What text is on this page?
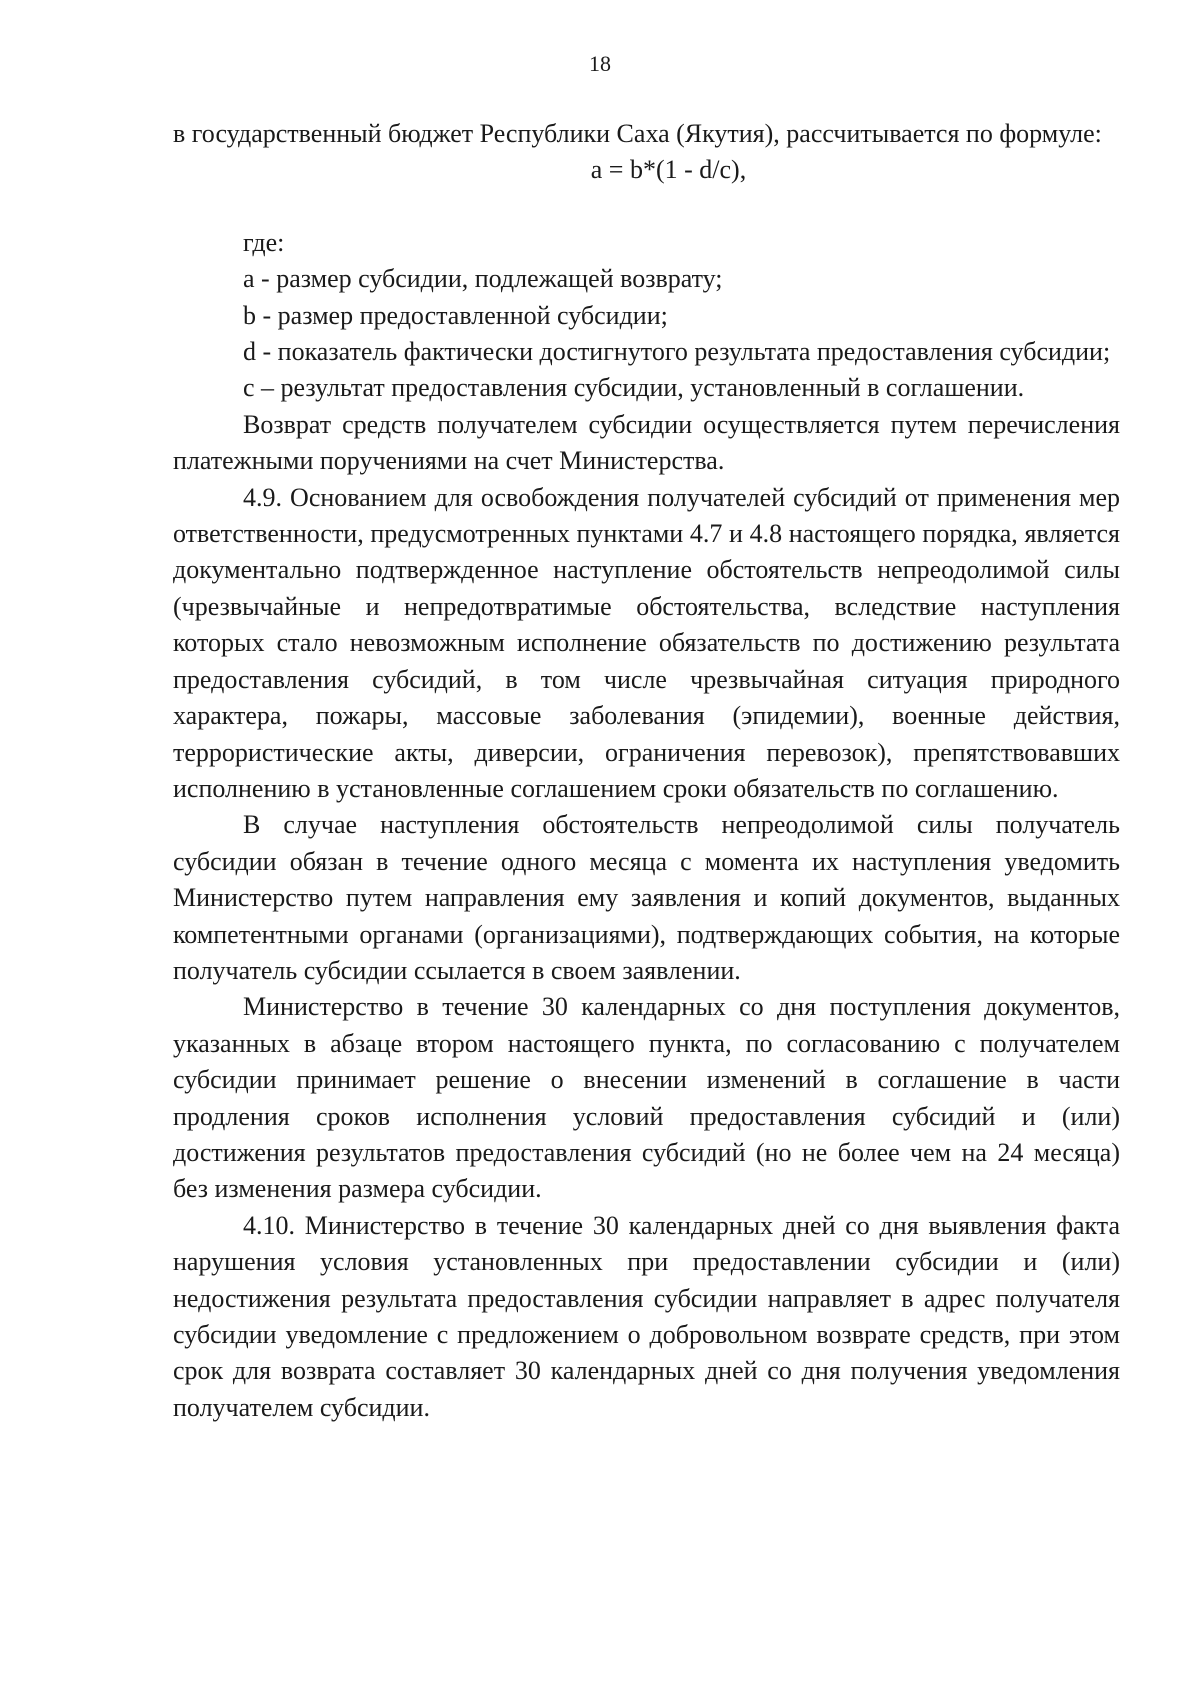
18

в государственный бюджет Республики Саха (Якутия), рассчитывается по формуле:

a = b*(1 - d/c),

где:

a - размер субсидии, подлежащей возврату;

b - размер предоставленной субсидии;

d - показатель фактически достигнутого результата предоставления субсидии;

c – результат предоставления субсидии, установленный в соглашении.

Возврат средств получателем субсидии осуществляется путем перечисления платежными поручениями на счет Министерства.

4.9. Основанием для освобождения получателей субсидий от применения мер ответственности, предусмотренных пунктами 4.7 и 4.8 настоящего порядка, является документально подтвержденное наступление обстоятельств непреодолимой силы (чрезвычайные и непредотвратимые обстоятельства, вследствие наступления которых стало невозможным исполнение обязательств по достижению результата предоставления субсидий, в том числе чрезвычайная ситуация природного характера, пожары, массовые заболевания (эпидемии), военные действия, террористические акты, диверсии, ограничения перевозок), препятствовавших исполнению в установленные соглашением сроки обязательств по соглашению.

В случае наступления обстоятельств непреодолимой силы получатель субсидии обязан в течение одного месяца с момента их наступления уведомить Министерство путем направления ему заявления и копий документов, выданных компетентными органами (организациями), подтверждающих события, на которые получатель субсидии ссылается в своем заявлении.

Министерство в течение 30 календарных со дня поступления документов, указанных в абзаце втором настоящего пункта, по согласованию с получателем субсидии принимает решение о внесении изменений в соглашение в части продления сроков исполнения условий предоставления субсидий и (или) достижения результатов предоставления субсидий (но не более чем на 24 месяца) без изменения размера субсидии.

4.10. Министерство в течение 30 календарных дней со дня выявления факта нарушения условия установленных при предоставлении субсидии и (или) недостижения результата предоставления субсидии направляет в адрес получателя субсидии уведомление с предложением о добровольном возврате средств, при этом срок для возврата составляет 30 календарных дней со дня получения уведомления получателем субсидии.
